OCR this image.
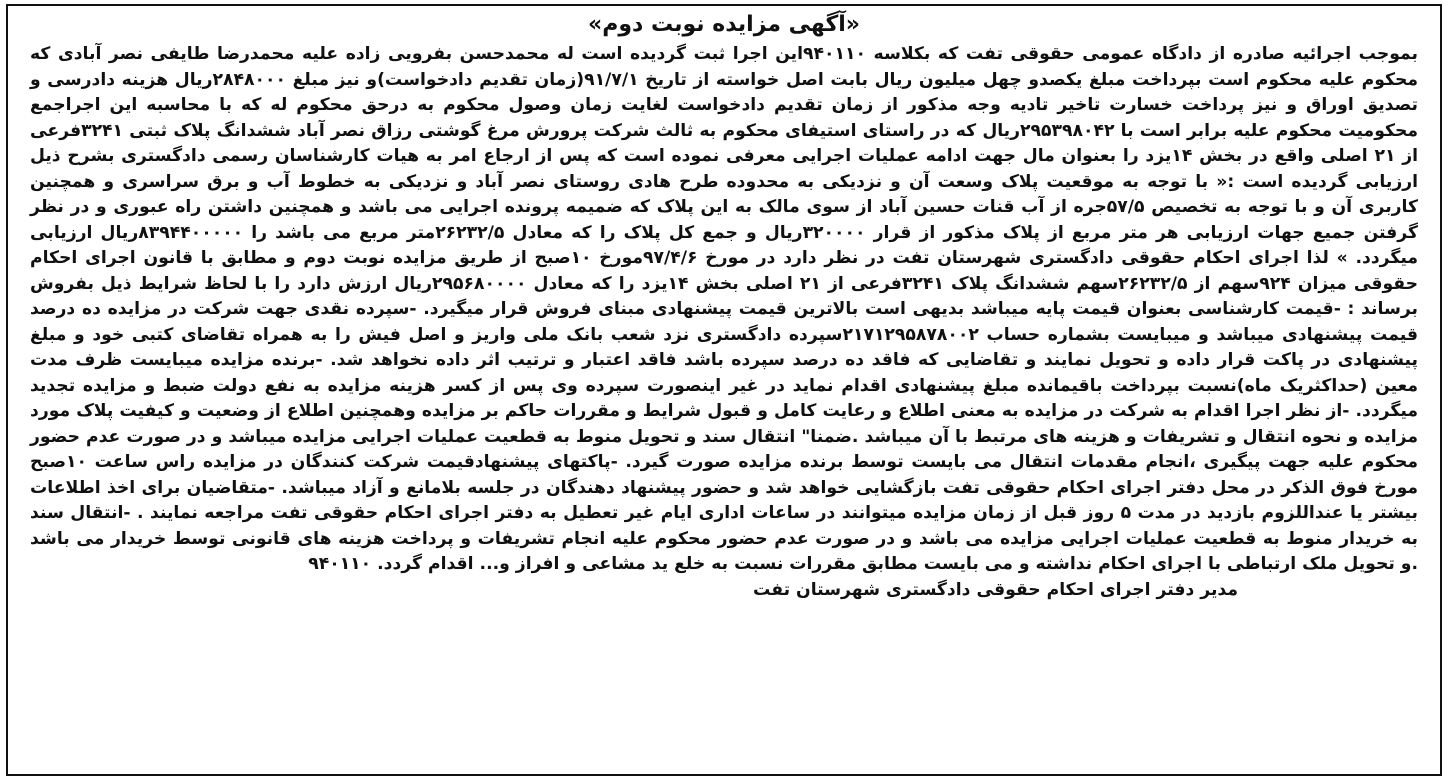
«آگهی مزایده نوبت دوم»

بموجب اجرائیه صادره از دادگاه عمومی حقوقی تفت که بکلاسه ۹۴۰۱۱۰این اجرا ثبت گردیده است له محمدحسن بفرویی زاده علیه محمدرضا طایفی نصر آبادی که محکوم علیه محکوم است بپرداخت مبلغ یکصدو چهل میلیون ریال بابت اصل خواسته از تاریخ ۹۱/۷/۱(زمان تقدیم دادخواست)و نیز مبلغ ۲۸۴۸۰۰۰ریال هزینه دادرسی و تصدیق اوراق و نیز پرداخت خسارت تاخیر تادیه وجه مذکور از زمان تقدیم دادخواست لغایت زمان وصول محکوم به درحق محکوم له که با محاسبه این اجراجمع محکومیت محکوم علیه برابر است با ۲۹۵۳۹۸۰۴۲ریال که در راستای استیفای محکوم به ثالث شرکت پرورش مرغ گوشتی رزاق نصر آباد ششدانگ پلاک ثبتی ۳۲۴۱فرعی از ۲۱ اصلی واقع در بخش ۱۴یزد را بعنوان مال جهت ادامه عملیات اجرایی معرفی نموده است که پس از ارجاع امر به هیات کارشناسان رسمی دادگستری بشرح ذیل ارزیابی گردیده است :« با توجه به موقعیت پلاک وسعت آن و نزدیکی به محدوده طرح هادی روستای نصر آباد و نزدیکی به خطوط آب و برق سراسری و همچنین کاربری آن و با توجه به تخصیص ۵۷/۵جره از آب قنات حسین آباد از سوی مالک به این پلاک که ضمیمه پرونده اجرایی می باشد و همچنین داشتن راه عبوری و در نظر گرفتن جمیع جهات ارزیابی هر متر مربع از پلاک مذکور از قرار ۳۲۰۰۰۰ریال و جمع کل پلاک را که معادل ۲۶۲۳۲/۵متر مربع می باشد را ۸۳۹۴۴۰۰۰۰۰ریال ارزیابی میگردد. » لذا اجرای احکام حقوقی دادگستری شهرستان تفت در نظر دارد در مورخ ۹۷/۴/۶مورخ ۱۰صبح از طریق مزایده نوبت دوم و مطابق با قانون اجرای احکام حقوقی میزان ۹۲۴سهم از ۲۶۲۳۲/۵سهم ششدانگ پلاک ۳۲۴۱فرعی از ۲۱ اصلی بخش ۱۴یزد را که معادل ۲۹۵۶۸۰۰۰۰ریال ارزش دارد را با لحاظ شرایط ذیل بفروش برساند : -قیمت کارشناسی بعنوان قیمت پایه میباشد بدیهی است بالاترین قیمت پیشنهادی مبنای فروش قرار میگیرد. -سپرده نقدی جهت شرکت در مزایده ده درصد قیمت پیشنهادی میباشد و میبایست بشماره حساب ۲۱۷۱۲۹۵۸۷۸۰۰۲سپرده دادگستری نزد شعب بانک ملی واریز و اصل فیش را به همراه تقاضای کتبی خود و مبلغ پیشنهادی در پاکت قرار داده و تحویل نمایند و تقاضایی که فاقد ده درصد سپرده باشد فاقد اعتبار و ترتیب اثر داده نخواهد شد. -برنده مزایده میبایست ظرف مدت معین (حداکثریک ماه)نسبت بپرداخت باقیمانده مبلغ پیشنهادی اقدام نماید در غیر اینصورت سپرده وی پس از کسر هزینه مزایده به نفع دولت ضبط و مزایده تجدید میگردد. -از نظر اجرا اقدام به شرکت در مزایده به معنی اطلاع و رعایت کامل و قبول شرایط و مقررات حاکم بر مزایده وهمچنین اطلاع از وضعیت و کیفیت پلاک مورد مزایده و نحوه انتقال و تشریفات و هزینه های مرتبط با آن میباشد .ضمنا" انتقال سند و تحویل منوط به قطعیت عملیات اجرایی مزایده میباشد و در صورت عدم حضور محکوم علیه جهت پیگیری ،انجام مقدمات انتقال می بایست توسط برنده مزایده صورت گیرد. -پاکتهای پیشنهادقیمت شرکت کنندگان در مزایده راس ساعت ۱۰صبح مورخ فوق الذکر در محل دفتر اجرای احکام حقوقی تفت بازگشایی خواهد شد و حضور پیشنهاد دهندگان در جلسه بلامانع و آزاد میباشد. -متقاضیان برای اخذ اطلاعات بیشتر یا عنداللزوم بازدید در مدت ۵ روز قبل از زمان مزایده میتوانند در ساعات اداری ایام غیر تعطیل به دفتر اجرای احکام حقوقی تفت مراجعه نمایند . -انتقال سند به خریدار منوط به قطعیت عملیات اجرایی مزایده می باشد و در صورت عدم حضور محکوم علیه انجام تشریفات و پرداخت هزینه های قانونی توسط خریدار می باشد .و تحویل ملک ارتباطی با اجرای احکام نداشته و می بایست مطابق مقررات نسبت به خلع ید مشاعی و افراز و... اقدام گردد. ۹۴۰۱۱۰

مدیر دفتر اجرای احکام حقوقی دادگستری شهرستان تفت
